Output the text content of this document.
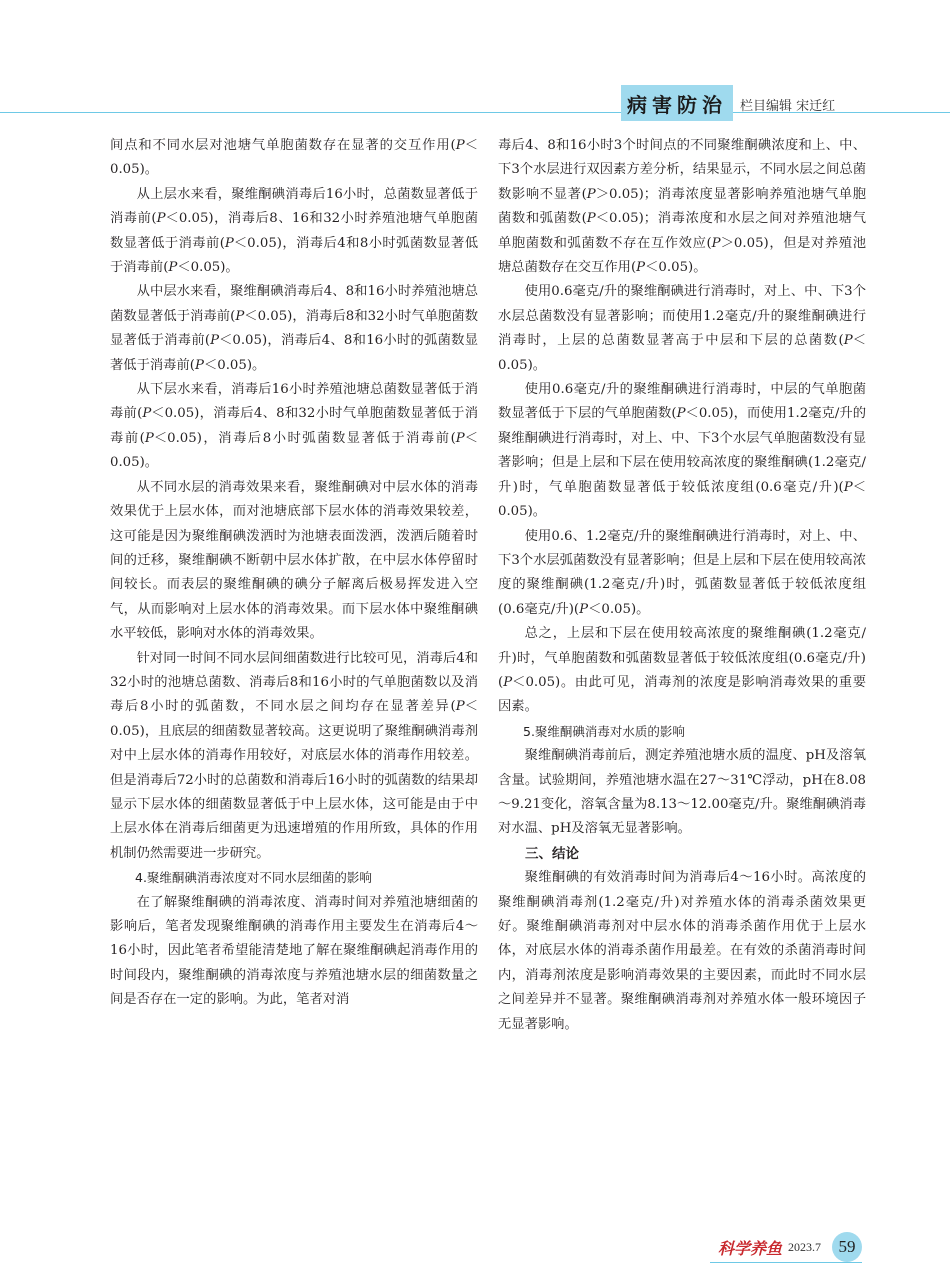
病害防治	栏目编辑 宋迁红

间点和不同水层对池塘气单胞菌数存在显著的交互作用(P＜0.05)。

从上层水来看，聚维酮碘消毒后16小时，总菌数显著低于消毒前(P＜0.05)，消毒后8、16和32小时养殖池塘气单胞菌数显著低于消毒前(P＜0.05)，消毒后4和8小时弧菌数显著低于消毒前(P＜0.05)。

从中层水来看，聚维酮碘消毒后4、8和16小时养殖池塘总菌数显著低于消毒前(P＜0.05)，消毒后8和32小时气单胞菌数显著低于消毒前(P＜0.05)，消毒后4、8和16小时的弧菌数显著低于消毒前(P＜0.05)。

从下层水来看，消毒后16小时养殖池塘总菌数显著低于消毒前(P＜0.05)，消毒后4、8和32小时气单胞菌数显著低于消毒前(P＜0.05)，消毒后8小时弧菌数显著低于消毒前(P＜0.05)。

从不同水层的消毒效果来看，聚维酮碘对中层水体的消毒效果优于上层水体，而对池塘底部下层水体的消毒效果较差，这可能是因为聚维酮碘泼洒时为池塘表面泼洒，泼洒后随着时间的迁移，聚维酮碘不断朝中层水体扩散，在中层水体停留时间较长。而表层的聚维酮碘的碘分子解离后极易挥发进入空气，从而影响对上层水体的消毒效果。而下层水体中聚维酮碘水平较低，影响对水体的消毒效果。

针对同一时间不同水层间细菌数进行比较可见，消毒后4和32小时的池塘总菌数、消毒后8和16小时的气单胞菌数以及消毒后8小时的弧菌数，不同水层之间均存在显著差异(P＜0.05)，且底层的细菌数显著较高。这更说明了聚维酮碘消毒剂对中上层水体的消毒作用较好，对底层水体的消毒作用较差。但是消毒后72小时的总菌数和消毒后16小时的弧菌数的结果却显示下层水体的细菌数显著低于中上层水体，这可能是由于中上层水体在消毒后细菌更为迅速增殖的作用所致，具体的作用机制仍然需要进一步研究。

4.聚维酮碘消毒浓度对不同水层细菌的影响

在了解聚维酮碘的消毒浓度、消毒时间对养殖池塘细菌的影响后，笔者发现聚维酮碘的消毒作用主要发生在消毒后4～16小时，因此笔者希望能清楚地了解在聚维酮碘起消毒作用的时间段内，聚维酮碘的消毒浓度与养殖池塘水层的细菌数量之间是否存在一定的影响。为此，笔者对消

毒后4、8和16小时3个时间点的不同聚维酮碘浓度和上、中、下3个水层进行双因素方差分析，结果显示，不同水层之间总菌数影响不显著(P＞0.05)；消毒浓度显著影响养殖池塘气单胞菌数和弧菌数(P＜0.05)；消毒浓度和水层之间对养殖池塘气单胞菌数和弧菌数不存在互作效应(P＞0.05)，但是对养殖池塘总菌数存在交互作用(P＜0.05)。

使用0.6毫克/升的聚维酮碘进行消毒时，对上、中、下3个水层总菌数没有显著影响；而使用1.2毫克/升的聚维酮碘进行消毒时，上层的总菌数显著高于中层和下层的总菌数(P＜0.05)。

使用0.6毫克/升的聚维酮碘进行消毒时，中层的气单胞菌数显著低于下层的气单胞菌数(P＜0.05)，而使用1.2毫克/升的聚维酮碘进行消毒时，对上、中、下3个水层气单胞菌数没有显著影响；但是上层和下层在使用较高浓度的聚维酮碘(1.2毫克/升)时，气单胞菌数显著低于较低浓度组(0.6毫克/升)(P＜0.05)。

使用0.6、1.2毫克/升的聚维酮碘进行消毒时，对上、中、下3个水层弧菌数没有显著影响；但是上层和下层在使用较高浓度的聚维酮碘(1.2毫克/升)时，弧菌数显著低于较低浓度组(0.6毫克/升)(P＜0.05)。

总之，上层和下层在使用较高浓度的聚维酮碘(1.2毫克/升)时，气单胞菌数和弧菌数显著低于较低浓度组(0.6毫克/升)(P＜0.05)。由此可见，消毒剂的浓度是影响消毒效果的重要因素。

5.聚维酮碘消毒对水质的影响

聚维酮碘消毒前后，测定养殖池塘水质的温度、pH及溶氧含量。试验期间，养殖池塘水温在27～31℃浮动，pH在8.08～9.21变化，溶氧含量为8.13～12.00毫克/升。聚维酮碘消毒对水温、pH及溶氧无显著影响。

三、结论

聚维酮碘的有效消毒时间为消毒后4～16小时。高浓度的聚维酮碘消毒剂(1.2毫克/升)对养殖水体的消毒杀菌效果更好。聚维酮碘消毒剂对中层水体的消毒杀菌作用优于上层水体，对底层水体的消毒杀菌作用最差。在有效的杀菌消毒时间内，消毒剂浓度是影响消毒效果的主要因素，而此时不同水层之间差异并不显著。聚维酮碘消毒剂对养殖水体一般环境因子无显著影响。

科学养鱼 2023.7	59
